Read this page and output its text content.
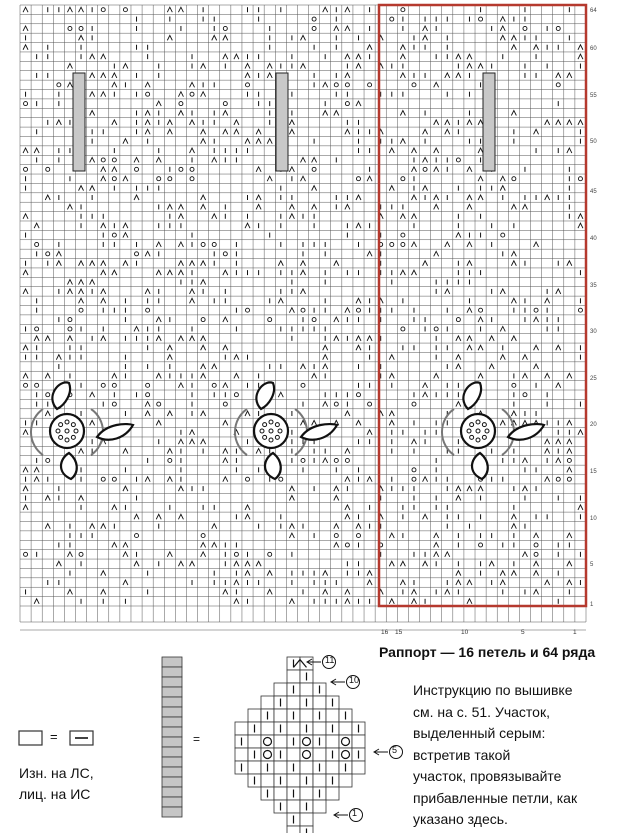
64
60
55
50
45
40
35
30
25
20
15
10
5
1
16 15	10	5	1
Раппорт — 16 петель и 64 ряда
=
Изн. на ЛС,
лиц. на ИС
=
11
10
5
1
Инструкцию по вышивке
см. на с. 51. Участок,
выделенный серым:
встретив такой
участок, провязывайте
прибавленные петли, как
указано здесь.
